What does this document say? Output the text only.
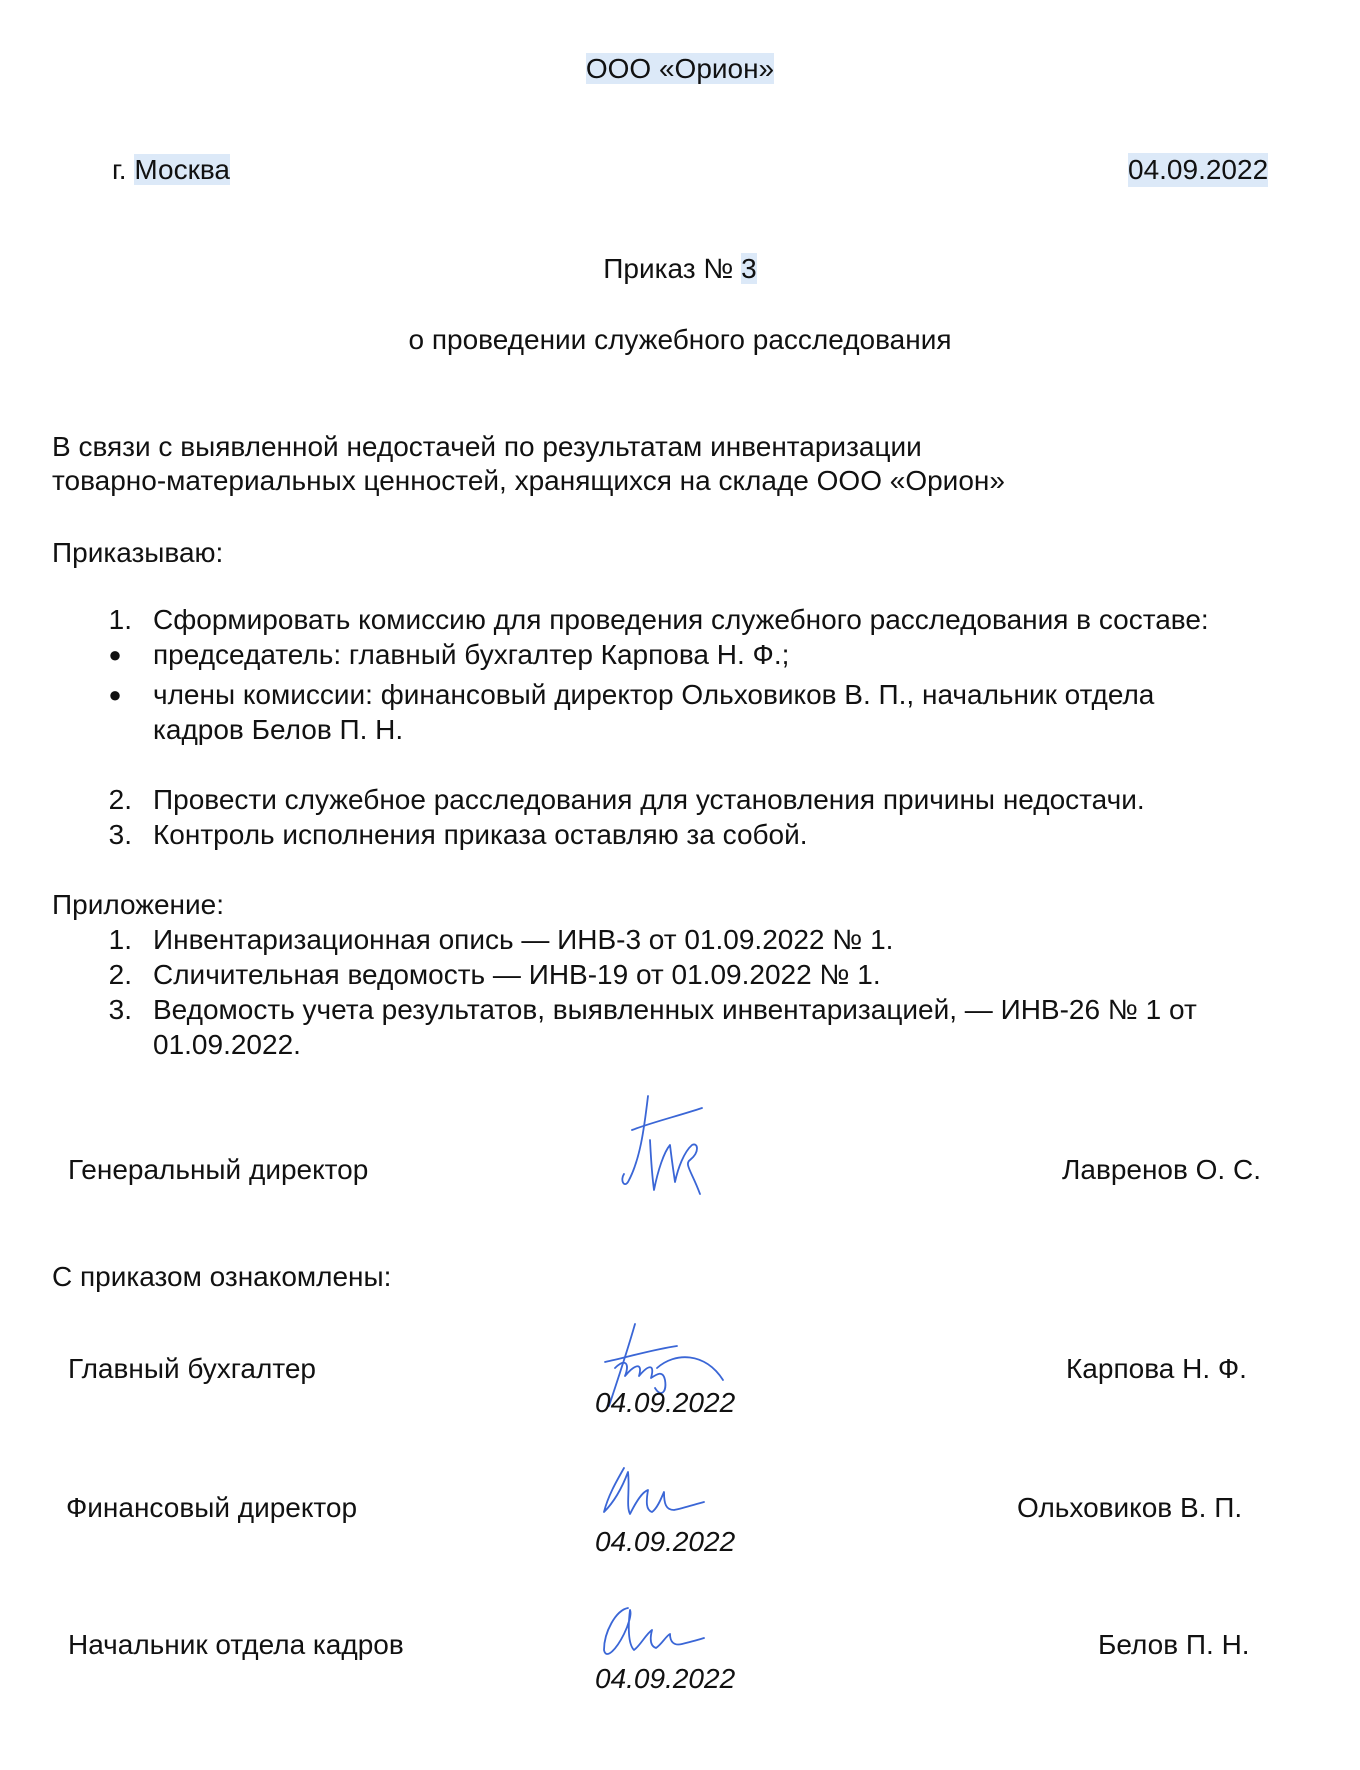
ООО «Орион»
г. Москва	04.09.2022
Приказ № 3
о проведении служебного расследования
В связи с выявленной недостачей по результатам инвентаризации
товарно-материальных ценностей, хранящихся на складе ООО «Орион»
Приказываю:
1. Сформировать комиссию для проведения служебного расследования в составе:
● председатель: главный бухгалтер Карпова Н. Ф.;
● члены комиссии: финансовый директор Ольховиков В. П., начальник отдела
кадров Белов П. Н.
2. Провести служебное расследования для установления причины недостачи.
3. Контроль исполнения приказа оставляю за собой.
Приложение:
1. Инвентаризационная опись — ИНВ-3 от 01.09.2022 № 1.
2. Сличительная ведомость — ИНВ-19 от 01.09.2022 № 1.
3. Ведомость учета результатов, выявленных инвентаризацией, — ИНВ-26 № 1 от
01.09.2022.
Генеральный директор	Лавренов О. С.
С приказом ознакомлены:
Главный бухгалтер
04.09.2022
Карпова Н. Ф.
Финансовый директор
04.09.2022
Ольховиков В. П.
Начальник отдела кадров
04.09.2022
Белов П. Н.
